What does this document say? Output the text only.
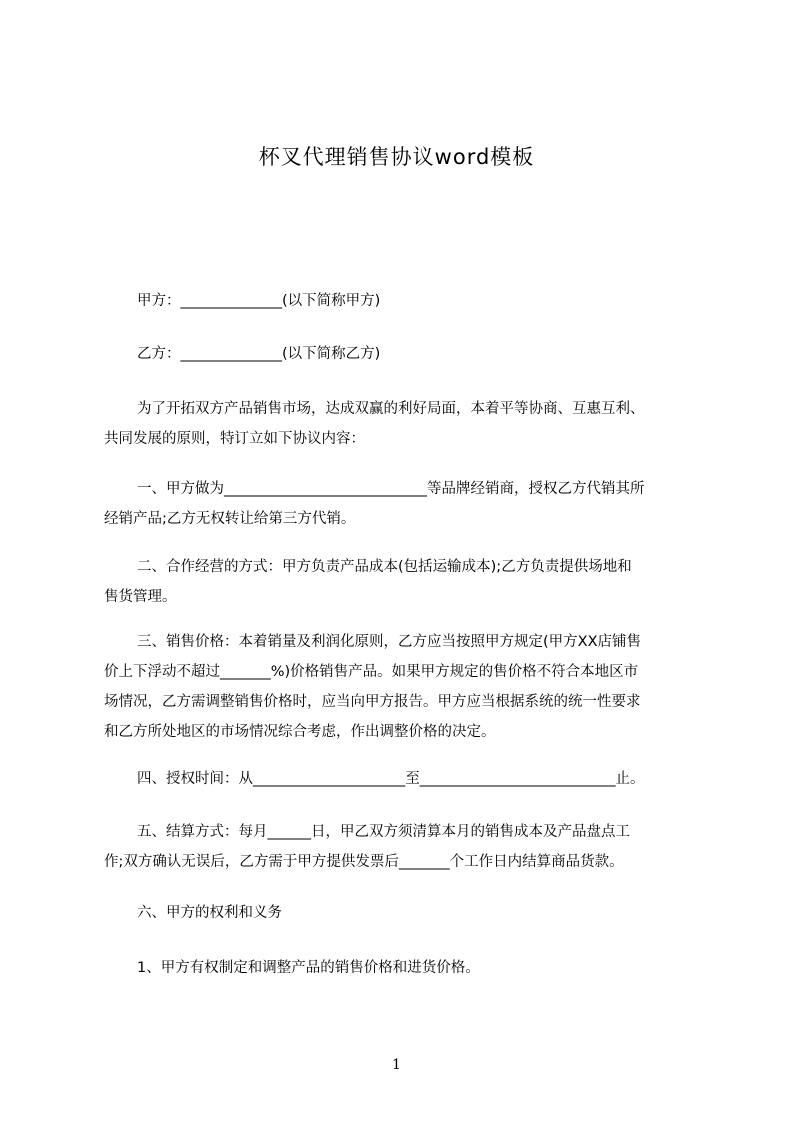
杯叉代理销售协议word模板
甲方：______________(以下简称甲方)
乙方：______________(以下简称乙方)
为了开拓双方产品销售市场，达成双赢的利好局面，本着平等协商、互惠互利、
共同发展的原则，特订立如下协议内容：
一、甲方做为____________________________等品牌经销商，授权乙方代销其所
经销产品;乙方无权转让给第三方代销。
二、合作经营的方式：甲方负责产品成本(包括运输成本);乙方负责提供场地和
售货管理。
三、销售价格：本着销量及利润化原则，乙方应当按照甲方规定(甲方XX店铺售
价上下浮动不超过_______%)价格销售产品。如果甲方规定的售价格不符合本地区市
场情况，乙方需调整销售价格时，应当向甲方报告。甲方应当根据系统的统一性要求
和乙方所处地区的市场情况综合考虑，作出调整价格的决定。
四、授权时间：从_____________________至___________________________止。
五、结算方式：每月______日，甲乙双方须清算本月的销售成本及产品盘点工
作;双方确认无误后，乙方需于甲方提供发票后_______个工作日内结算商品货款。
六、甲方的权利和义务
1、甲方有权制定和调整产品的销售价格和进货价格。
1
